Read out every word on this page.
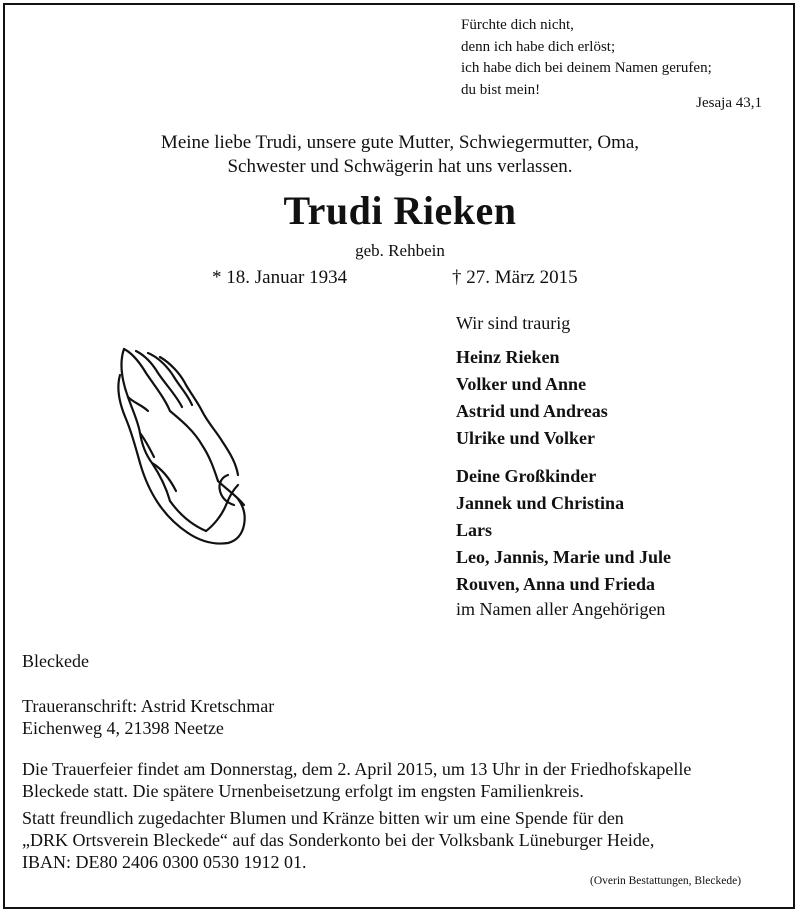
Fürchte dich nicht,
denn ich habe dich erlöst;
ich habe dich bei deinem Namen gerufen;
du bist mein!
Jesaja 43,1
Meine liebe Trudi, unsere gute Mutter, Schwiegermutter, Oma,
Schwester und Schwägerin hat uns verlassen.
Trudi Rieken
geb. Rehbein
* 18. Januar 1934	† 27. März 2015
Wir sind traurig
Heinz Rieken
Volker und Anne
Astrid und Andreas
Ulrike und Volker
Deine Großkinder
Jannek und Christina
Lars
Leo, Jannis, Marie und Jule
Rouven, Anna und Frieda
im Namen aller Angehörigen
Bleckede
Traueranschrift: Astrid Kretschmar
Eichenweg 4, 21398 Neetze
Die Trauerfeier findet am Donnerstag, dem 2. April 2015, um 13 Uhr in der Friedhofskapelle
Bleckede statt. Die spätere Urnenbeisetzung erfolgt im engsten Familienkreis.
Statt freundlich zugedachter Blumen und Kränze bitten wir um eine Spende für den
„DRK Ortsverein Bleckede“ auf das Sonderkonto bei der Volksbank Lüneburger Heide,
IBAN: DE80 2406 0300 0530 1912 01.
(Overin Bestattungen, Bleckede)
